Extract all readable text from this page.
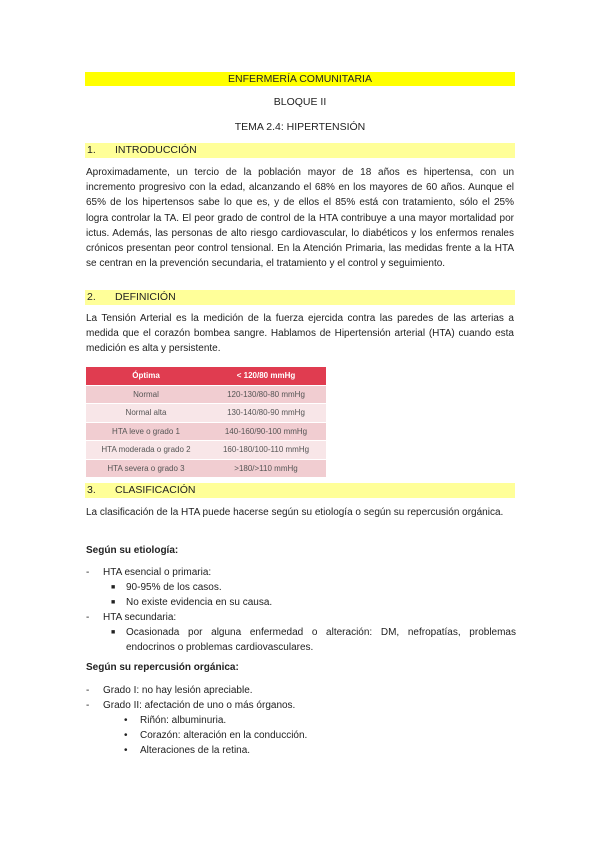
ENFERMERÍA COMUNITARIA
BLOQUE II
TEMA 2.4: HIPERTENSIÓN
1. INTRODUCCIÓN
Aproximadamente, un tercio de la población mayor de 18 años es hipertensa, con un incremento progresivo con la edad, alcanzando el 68% en los mayores de 60 años. Aunque el 65% de los hipertensos sabe lo que es, y de ellos el 85% está con tratamiento, sólo el 25% logra controlar la TA. El peor grado de control de la HTA contribuye a una mayor mortalidad por ictus. Además, las personas de alto riesgo cardiovascular, lo diabéticos y los enfermos renales crónicos presentan peor control tensional. En la Atención Primaria, las medidas frente a la HTA se centran en la prevención secundaria, el tratamiento y el control y seguimiento.
2. DEFINICIÓN
La Tensión Arterial es la medición de la fuerza ejercida contra las paredes de las arterias a medida que el corazón bombea sangre. Hablamos de Hipertensión arterial (HTA) cuando esta medición es alta y persistente.
Óptima	< 120/80 mmHg
Normal	120-130/80-80 mmHg
Normal alta	130-140/80-90 mmHg
HTA leve o grado 1	140-160/90-100 mmHg
HTA moderada o grado 2	160-180/100-110 mmHg
HTA severa o grado 3	>180/>110 mmHg
3. CLASIFICACIÓN
La clasificación de la HTA puede hacerse según su etiología o según su repercusión orgánica.
Según su etiología:
- HTA esencial o primaria:
■ 90-95% de los casos.
■ No existe evidencia en su causa.
- HTA secundaria:
■ Ocasionada por alguna enfermedad o alteración: DM, nefropatías, problemas endocrinos o problemas cardiovasculares.
Según su repercusión orgánica:
- Grado I: no hay lesión apreciable.
- Grado II: afectación de uno o más órganos.
• Riñón: albuminuria.
• Corazón: alteración en la conducción.
• Alteraciones de la retina.
